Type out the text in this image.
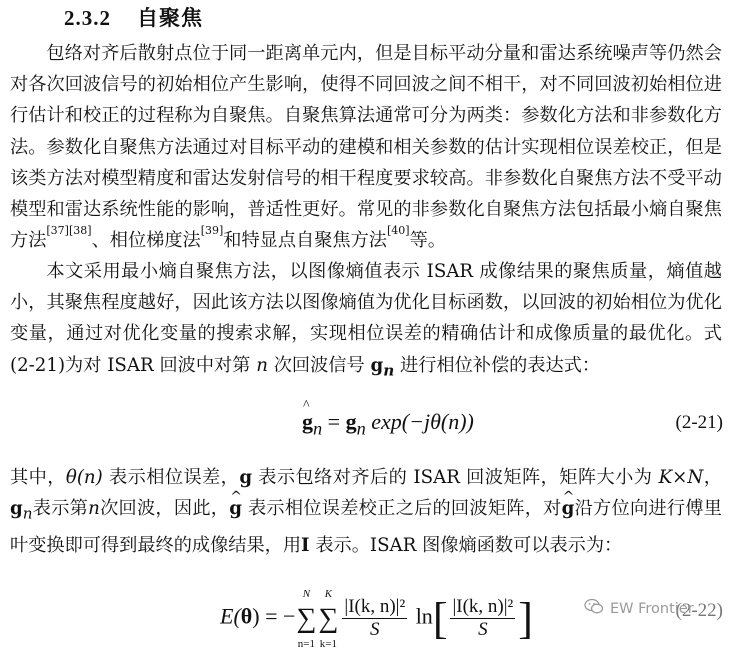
2.3.2 自聚焦

包络对齐后散射点位于同一距离单元内，但是目标平动分量和雷达系统噪声等仍然会对各次回波信号的初始相位产生影响，使得不同回波之间不相干，对不同回波初始相位进行估计和校正的过程称为自聚焦。自聚焦算法通常可分为两类：参数化方法和非参数化方法。参数化自聚焦方法通过对目标平动的建模和相关参数的估计实现相位误差校正，但是该类方法对模型精度和雷达发射信号的相干程度要求较高。非参数化自聚焦方法不受平动模型和雷达系统性能的影响，普适性更好。常见的非参数化自聚焦方法包括最小熵自聚焦方法[37][38]、相位梯度法[39]和特显点自聚焦方法[40]等。

本文采用最小熵自聚焦方法，以图像熵值表示 ISAR 成像结果的聚焦质量，熵值越小，其聚焦程度越好，因此该方法以图像熵值为优化目标函数，以回波的初始相位为优化变量，通过对优化变量的搜索求解，实现相位误差的精确估计和成像质量的最优化。式(2-21)为对 ISAR 回波中对第 n 次回波信号 $g_n$ 进行相位补偿的表达式：

^ $g_n = g_n$ exp(−jθ(n))	(2-21)

其中，θ(n) 表示相位误差，g 表示包络对齐后的 ISAR 回波矩阵，矩阵大小为 K×N，$g_n$表示第n次回波，因此，^ g 表示相位误差校正之后的回波矩阵，对^ g沿方位向进行傅里叶变换即可得到最终的成像结果，用I 表示。ISAR 图像熵函数可以表示为：

E(θ) = −
N
∑
n=1
K
∑
k=1
$\frac{\text{|I(k, n)|²}}{S} \ln[ \frac{\text{|I(k, n)|²}}{S}$ ]	(2-22)
EW Frontier
